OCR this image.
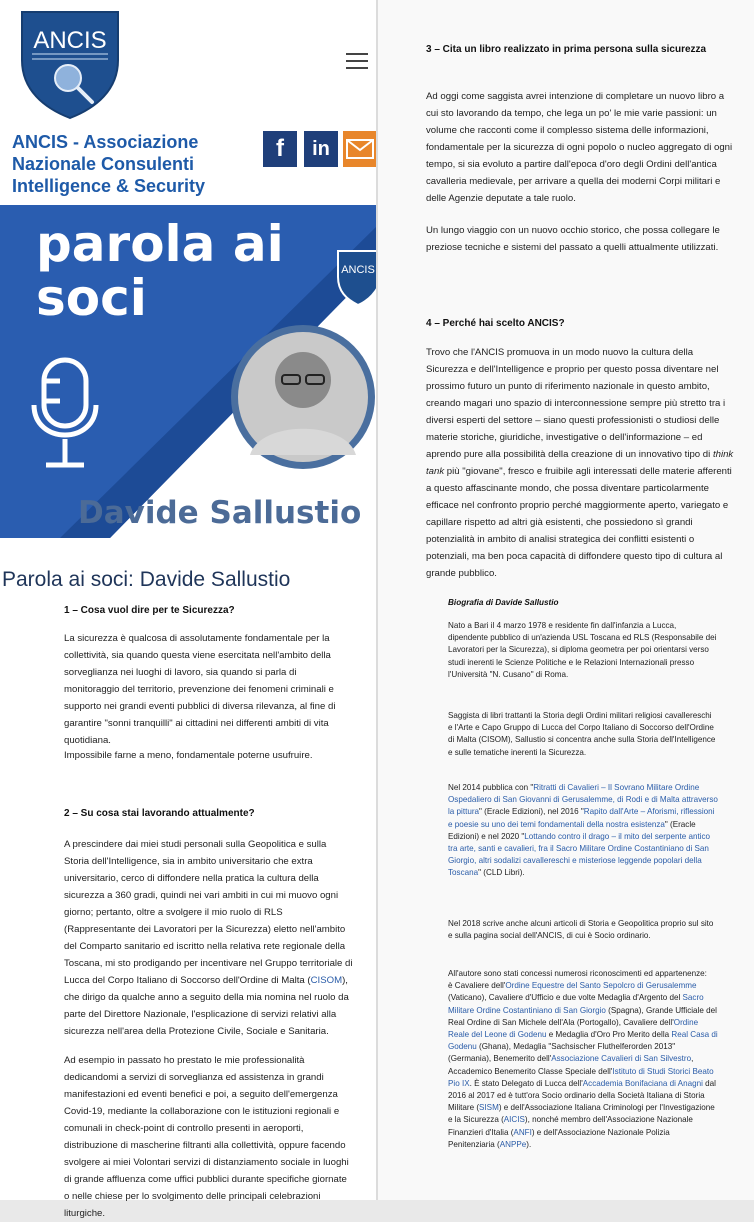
ANCIS
ANCIS - Associazione Nazionale Consulenti Intelligence & Security
f in
ANCIS
parola ai
soci
Davide Sallustio
Parola ai soci: Davide Sallustio
1 – Cosa vuol dire per te Sicurezza?
La sicurezza è qualcosa di assolutamente fondamentale per la collettività, sia quando questa viene esercitata nell'ambito della sorveglianza nei luoghi di lavoro, sia quando si parla di monitoraggio del territorio, prevenzione dei fenomeni criminali e supporto nei grandi eventi pubblici di diversa rilevanza, al fine di garantire "sonni tranquilli" ai cittadini nei differenti ambiti di vita quotidiana.
Impossibile farne a meno, fondamentale poterne usufruire.
2 – Su cosa stai lavorando attualmente?
A prescindere dai miei studi personali sulla Geopolitica e sulla Storia dell'Intelligence, sia in ambito universitario che extra universitario, cerco di diffondere nella pratica la cultura della sicurezza a 360 gradi, quindi nei vari ambiti in cui mi muovo ogni giorno; pertanto, oltre a svolgere il mio ruolo di RLS (Rappresentante dei Lavoratori per la Sicurezza) eletto nell'ambito del Comparto sanitario ed iscritto nella relativa rete regionale della Toscana, mi sto prodigando per incentivare nel Gruppo territoriale di Lucca del Corpo Italiano di Soccorso dell'Ordine di Malta (CISOM), che dirigo da qualche anno a seguito della mia nomina nel ruolo da parte del Direttore Nazionale, l'esplicazione di servizi relativi alla sicurezza nell'area della Protezione Civile, Sociale e Sanitaria.
Ad esempio in passato ho prestato le mie professionalità dedicandomi a servizi di sorveglianza ed assistenza in grandi manifestazioni ed eventi benefici e poi, a seguito dell'emergenza Covid-19, mediante la collaborazione con le istituzioni regionali e comunali in check-point di controllo presenti in aeroporti, distribuzione di mascherine filtranti alla collettività, oppure facendo svolgere ai miei Volontari servizi di distanziamento sociale in luoghi di grande affluenza come uffici pubblici durante specifiche giornate o nelle chiese per lo svolgimento delle principali celebrazioni liturgiche.
3 – Cita un libro realizzato in prima persona sulla sicurezza
Ad oggi come saggista avrei intenzione di completare un nuovo libro a cui sto lavorando da tempo, che lega un po' le mie varie passioni: un volume che racconti come il complesso sistema delle informazioni, fondamentale per la sicurezza di ogni popolo o nucleo aggregato di ogni tempo, si sia evoluto a partire dall'epoca d'oro degli Ordini dell'antica cavalleria medievale, per arrivare a quella dei moderni Corpi militari e delle Agenzie deputate a tale ruolo.
Un lungo viaggio con un nuovo occhio storico, che possa collegare le preziose tecniche e sistemi del passato a quelli attualmente utilizzati.
4 – Perché hai scelto ANCIS?
Trovo che l'ANCIS promuova in un modo nuovo la cultura della Sicurezza e dell'Intelligence e proprio per questo possa diventare nel prossimo futuro un punto di riferimento nazionale in questo ambito, creando magari uno spazio di interconnessione sempre più stretto tra i diversi esperti del settore – siano questi professionisti o studiosi delle materie storiche, giuridiche, investigative o dell'informazione – ed aprendo pure alla possibilità della creazione di un innovativo tipo di think tank più "giovane", fresco e fruibile agli interessati delle materie afferenti a questo affascinante mondo, che possa diventare particolarmente efficace nel confronto proprio perché maggiormente aperto, variegato e capillare rispetto ad altri già esistenti, che possiedono sì grandi potenzialità in ambito di analisi strategica dei conflitti esistenti o potenziali, ma ben poca capacità di diffondere questo tipo di cultura al grande pubblico.
Biografia di Davide Sallustio
Nato a Bari il 4 marzo 1978 e residente fin dall'infanzia a Lucca, dipendente pubblico di un'azienda USL Toscana ed RLS (Responsabile dei Lavoratori per la Sicurezza), si diploma geometra per poi orientarsi verso studi inerenti le Scienze Politiche e le Relazioni Internazionali presso l'Università "N. Cusano" di Roma.
Saggista di libri trattanti la Storia degli Ordini militari religiosi cavallereschi e l'Arte e Capo Gruppo di Lucca del Corpo Italiano di Soccorso dell'Ordine di Malta (CISOM), Sallustio si concentra anche sulla Storia dell'Intelligence e sulle tematiche inerenti la Sicurezza.
Nel 2014 pubblica con "Ritratti di Cavalieri – Il Sovrano Militare Ordine Ospedaliero di San Giovanni di Gerusalemme, di Rodi e di Malta attraverso la pittura" (Eracle Edizioni), nel 2016 "Rapito dall'Arte – Aforismi, riflessioni e poesie su uno dei temi fondamentali della nostra esistenza" (Eracle Edizioni) e nel 2020 "Lottando contro il drago – il mito del serpente antico tra arte, santi e cavalieri, fra il Sacro Militare Ordine Costantiniano di San Giorgio, altri sodalizi cavallereschi e misteriose leggende popolari della Toscana" (CLD Libri).
Nel 2018 scrive anche alcuni articoli di Storia e Geopolitica proprio sul sito e sulla pagina social dell'ANCIS, di cui è Socio ordinario.
All'autore sono stati concessi numerosi riconoscimenti ed appartenenze:
è Cavaliere dell'Ordine Equestre del Santo Sepolcro di Gerusalemme (Vaticano), Cavaliere d'Ufficio e due volte Medaglia d'Argento del Sacro Militare Ordine Costantiniano di San Giorgio (Spagna), Grande Ufficiale del Real Ordine di San Michele dell'Ala (Portogallo), Cavaliere dell'Ordine Reale del Leone di Godenu e Medaglia d'Oro Pro Merito della Real Casa di Godenu (Ghana), Medaglia "Sachsischer Fluthelferorden 2013" (Germania), Benemerito dell'Associazione Cavalieri di San Silvestro, Accademico Benemerito Classe Speciale dell'Istituto di Studi Storici Beato Pio IX. È stato Delegato di Lucca dell'Accademia Bonifaciana di Anagni dal 2016 al 2017 ed è tutt'ora Socio ordinario della Società Italiana di Storia Militare (SISM) e dell'Associazione Italiana Criminologi per l'Investigazione e la Sicurezza (AICIS), nonché membro dell'Associazione Nazionale Finanzieri d'Italia (ANFI) e dell'Associazione Nazionale Polizia Penitenziaria (ANPPe).
